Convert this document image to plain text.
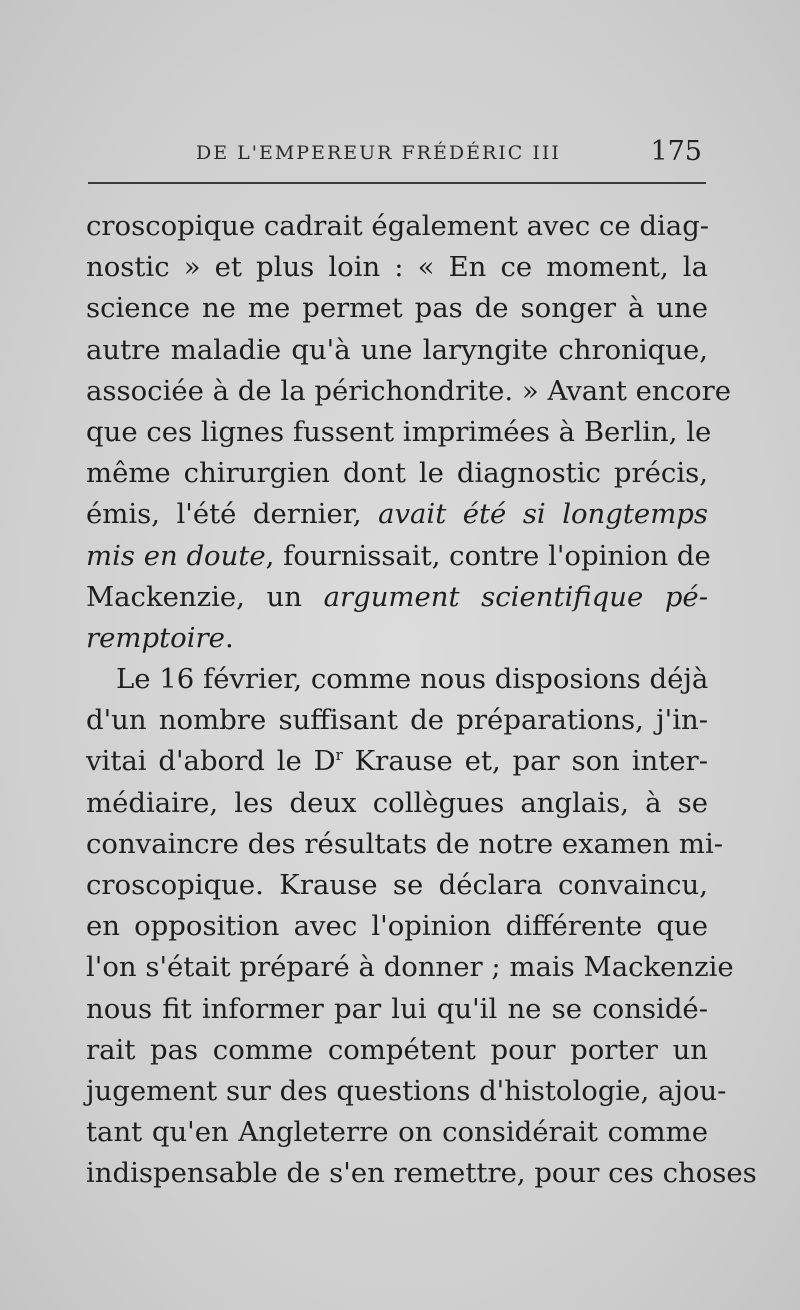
DE L'EMPEREUR FRÉDÉRIC III	175
croscopique cadrait également avec ce diag-
nostic » et plus loin : « En ce moment, la
science ne me permet pas de songer à une
autre maladie qu'à une laryngite chronique,
associée à de la périchondrite. » Avant encore
que ces lignes fussent imprimées à Berlin, le
même chirurgien dont le diagnostic précis,
émis, l'été dernier, avait été si longtemps
mis en doute, fournissait, contre l'opinion de
Mackenzie, un argument scientifique pé-
remptoire.
Le 16 février, comme nous disposions déjà
d'un nombre suffisant de préparations, j'in-
vitai d'abord le $D^r$ Krause et, par son inter-
médiaire, les deux collègues anglais, à se
convaincre des résultats de notre examen mi-
croscopique. Krause se déclara convaincu,
en opposition avec l'opinion différente que
l'on s'était préparé à donner ; mais Mackenzie
nous fit informer par lui qu'il ne se considé-
rait pas comme compétent pour porter un
jugement sur des questions d'histologie, ajou-
tant qu'en Angleterre on considérait comme
indispensable de s'en remettre, pour ces choses
